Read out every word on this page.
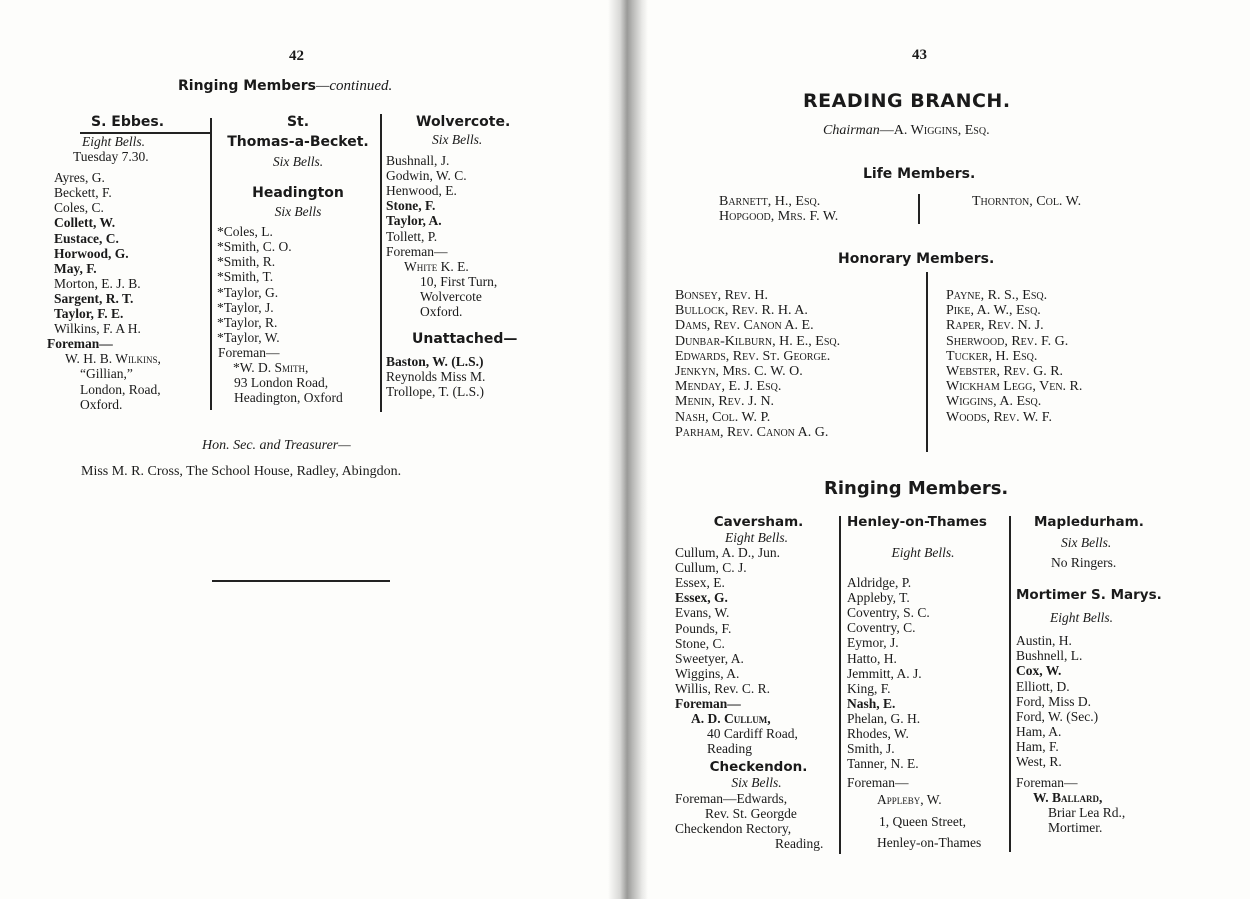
42
Ringing Members—continued.
S. Ebbes.
Eight Bells.
Tuesday 7.30.
Ayres, G.
Beckett, F.
Coles, C.
Collett, W.
Eustace, C.
Horwood, G.
May, F.
Morton, E. J. B.
Sargent, R. T.
Taylor, F. E.
Wilkins, F. A H.
Foreman—
W. H. B. Wilkins,
“Gillian,”
London, Road,
Oxford.
St.
Thomas-a-Becket.
Six Bells.
Headington
Six Bells
*Coles, L.
*Smith, C. O.
*Smith, R.
*Smith, T.
*Taylor, G.
*Taylor, J.
*Taylor, R.
*Taylor, W.
Foreman—
*W. D. Smith,
93 London Road,
Headington, Oxford
Wolvercote.
Six Bells.
Bushnall, J.
Godwin, W. C.
Henwood, E.
Stone, F.
Taylor, A.
Tollett, P.
Foreman—
White K. E.
10, First Turn,
Wolvercote
Oxford.
Unattached—
Baston, W. (L.S.)
Reynolds Miss M.
Trollope, T. (L.S.)
Hon. Sec. and Treasurer—
Miss M. R. Cross, The School House, Radley, Abingdon.
43
READING BRANCH.
Chairman—A. Wiggins, Esq.
Life Members.
Barnett, H., Esq.
Hopgood, Mrs. F. W.
Thornton, Col. W.
Honorary Members.
Bonsey, Rev. H.
Bullock, Rev. R. H. A.
Dams, Rev. Canon A. E.
Dunbar-Kilburn, H. E., Esq.
Edwards, Rev. St. George.
Jenkyn, Mrs. C. W. O.
Menday, E. J. Esq.
Menin, Rev. J. N.
Nash, Col. W. P.
Parham, Rev. Canon A. G.
Payne, R. S., Esq.
Pike, A. W., Esq.
Raper, Rev. N. J.
Sherwood, Rev. F. G.
Tucker, H. Esq.
Webster, Rev. G. R.
Wickham Legg, Ven. R.
Wiggins, A. Esq.
Woods, Rev. W. F.
Ringing Members.
Caversham.
Eight Bells.
Cullum, A. D., Jun.
Cullum, C. J.
Essex, E.
Essex, G.
Evans, W.
Pounds, F.
Stone, C.
Sweetyer, A.
Wiggins, A.
Willis, Rev. C. R.
Foreman—
A. D. Cullum,
40 Cardiff Road,
Reading
Checkendon.
Six Bells.
Foreman—Edwards,
Rev. St. Georgde
Checkendon Rectory,
Reading.
Henley-on-Thames
Eight Bells.
Aldridge, P.
Appleby, T.
Coventry, S. C.
Coventry, C.
Eymor, J.
Hatto, H.
Jemmitt, A. J.
King, F.
Nash, E.
Phelan, G. H.
Rhodes, W.
Smith, J.
Tanner, N. E.
Foreman—
Appleby, W.
1, Queen Street,
Henley-on-Thames
Mapledurham.
Six Bells.
No Ringers.
Mortimer S. Marys.
Eight Bells.
Austin, H.
Bushnell, L.
Cox, W.
Elliott, D.
Ford, Miss D.
Ford, W. (Sec.)
Ham, A.
Ham, F.
West, R.
Foreman—
W. Ballard,
Briar Lea Rd.,
Mortimer.
